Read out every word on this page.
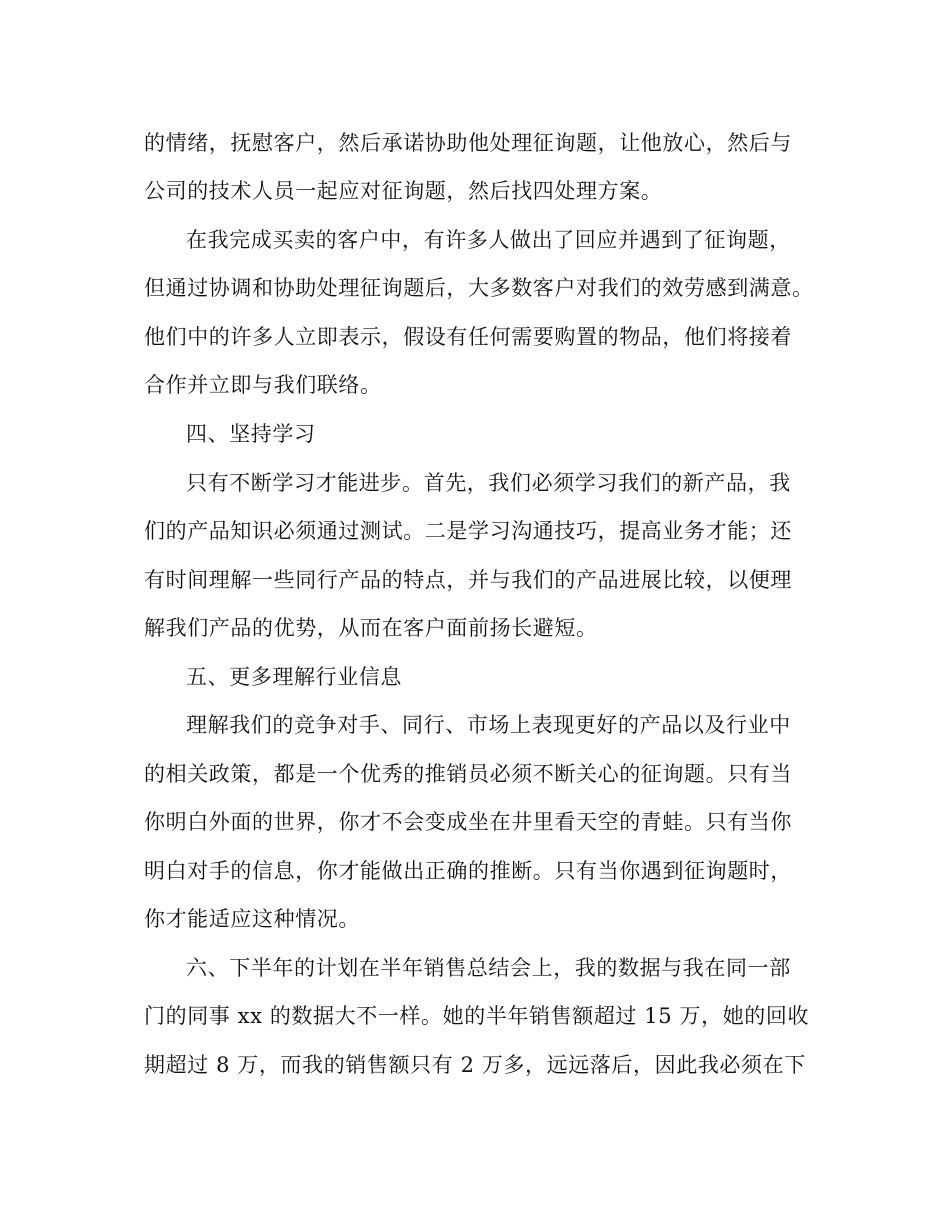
的情绪，抚慰客户，然后承诺协助他处理征询题，让他放心，然后与
公司的技术人员一起应对征询题，然后找四处理方案。
在我完成买卖的客户中，有许多人做出了回应并遇到了征询题，
但通过协调和协助处理征询题后，大多数客户对我们的效劳感到满意。
他们中的许多人立即表示，假设有任何需要购置的物品，他们将接着
合作并立即与我们联络。
四、坚持学习
只有不断学习才能进步。首先，我们必须学习我们的新产品，我
们的产品知识必须通过测试。二是学习沟通技巧，提高业务才能；还
有时间理解一些同行产品的特点，并与我们的产品进展比较，以便理
解我们产品的优势，从而在客户面前扬长避短。
五、更多理解行业信息
理解我们的竞争对手、同行、市场上表现更好的产品以及行业中
的相关政策，都是一个优秀的推销员必须不断关心的征询题。只有当
你明白外面的世界，你才不会变成坐在井里看天空的青蛙。只有当你
明白对手的信息，你才能做出正确的推断。只有当你遇到征询题时，
你才能适应这种情况。
六、下半年的计划在半年销售总结会上，我的数据与我在同一部
门的同事 xx 的数据大不一样。她的半年销售额超过 15 万，她的回收
期超过 8 万，而我的销售额只有 2 万多，远远落后，因此我必须在下
